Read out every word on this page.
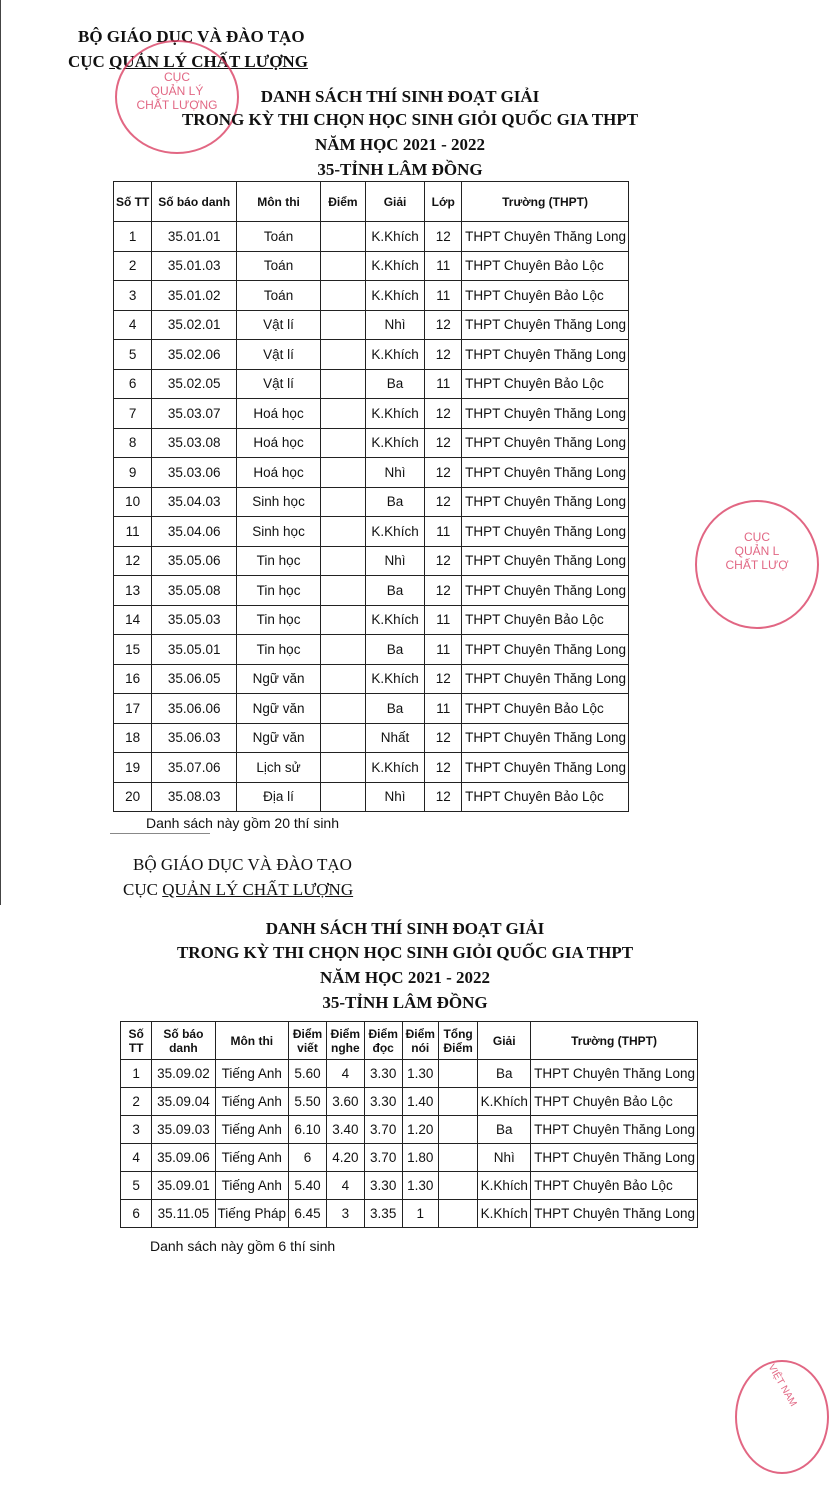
BỘ GIÁO DỤC VÀ ĐÀO TẠO
CỤC QUẢN LÝ CHẤT LƯỢNG
CỤC
QUẢN LÝ
CHẤT LƯỢNG	DANH SÁCH THÍ SINH ĐOẠT GIẢI
TRONG KỲ THI CHỌN HỌC SINH GIỎI QUỐC GIA THPT
NĂM HỌC 2021 - 2022
35-TỈNH LÂM ĐỒNG
Số TT	Số báo danh	Môn thi	Điểm	Giải	Lớp	Trường (THPT)
1	35.01.01	Toán		K.Khích	12	THPT Chuyên Thăng Long
2	35.01.03	Toán		K.Khích	11	THPT Chuyên Bảo Lộc
3	35.01.02	Toán		K.Khích	11	THPT Chuyên Bảo Lộc
4	35.02.01	Vật lí		Nhì	12	THPT Chuyên Thăng Long
5	35.02.06	Vật lí		K.Khích	12	THPT Chuyên Thăng Long
6	35.02.05	Vật lí		Ba	11	THPT Chuyên Bảo Lộc
7	35.03.07	Hoá học		K.Khích	12	THPT Chuyên Thăng Long
8	35.03.08	Hoá học		K.Khích	12	THPT Chuyên Thăng Long
9	35.03.06	Hoá học		Nhì	12	THPT Chuyên Thăng Long
10	35.04.03	Sinh học		Ba	12	THPT Chuyên Thăng Long
11	35.04.06	Sinh học		K.Khích	11	THPT Chuyên Thăng Long
12	35.05.06	Tin học		Nhì	12	THPT Chuyên Thăng Long
13	35.05.08	Tin học		Ba	12	THPT Chuyên Thăng Long
14	35.05.03	Tin học		K.Khích	11	THPT Chuyên Bảo Lộc
15	35.05.01	Tin học		Ba	11	THPT Chuyên Thăng Long
16	35.06.05	Ngữ văn		K.Khích	12	THPT Chuyên Thăng Long
17	35.06.06	Ngữ văn		Ba	11	THPT Chuyên Bảo Lộc
18	35.06.03	Ngữ văn		Nhất	12	THPT Chuyên Thăng Long
19	35.07.06	Lịch sử		K.Khích	12	THPT Chuyên Thăng Long
20	35.08.03	Địa lí		Nhì	12	THPT Chuyên Bảo Lộc
Danh sách này gồm 20 thí sinh
CỤC
QUẢN L
CHẤT LƯỢ
BỘ GIÁO DỤC VÀ ĐÀO TẠO
CỤC QUẢN LÝ CHẤT LƯỢNG
DANH SÁCH THÍ SINH ĐOẠT GIẢI
TRONG KỲ THI CHỌN HỌC SINH GIỎI QUỐC GIA THPT
NĂM HỌC 2021 - 2022
35-TỈNH LÂM ĐỒNG
Số TT	Số báo danh	Môn thi	Điểm viết	Điểm nghe	Điểm đọc	Điểm nói	Tổng Điểm	Giải	Trường (THPT)
1	35.09.02	Tiếng Anh	5.60	4	3.30	1.30		Ba	THPT Chuyên Thăng Long
2	35.09.04	Tiếng Anh	5.50	3.60	3.30	1.40		K.Khích	THPT Chuyên Bảo Lộc
3	35.09.03	Tiếng Anh	6.10	3.40	3.70	1.20		Ba	THPT Chuyên Thăng Long
4	35.09.06	Tiếng Anh	6	4.20	3.70	1.80		Nhì	THPT Chuyên Thăng Long
5	35.09.01	Tiếng Anh	5.40	4	3.30	1.30		K.Khích	THPT Chuyên Bảo Lộc
6	35.11.05	Tiếng Pháp	6.45	3	3.35	1		K.Khích	THPT Chuyên Thăng Long
Danh sách này gồm 6 thí sinh
VIỆT NAM
